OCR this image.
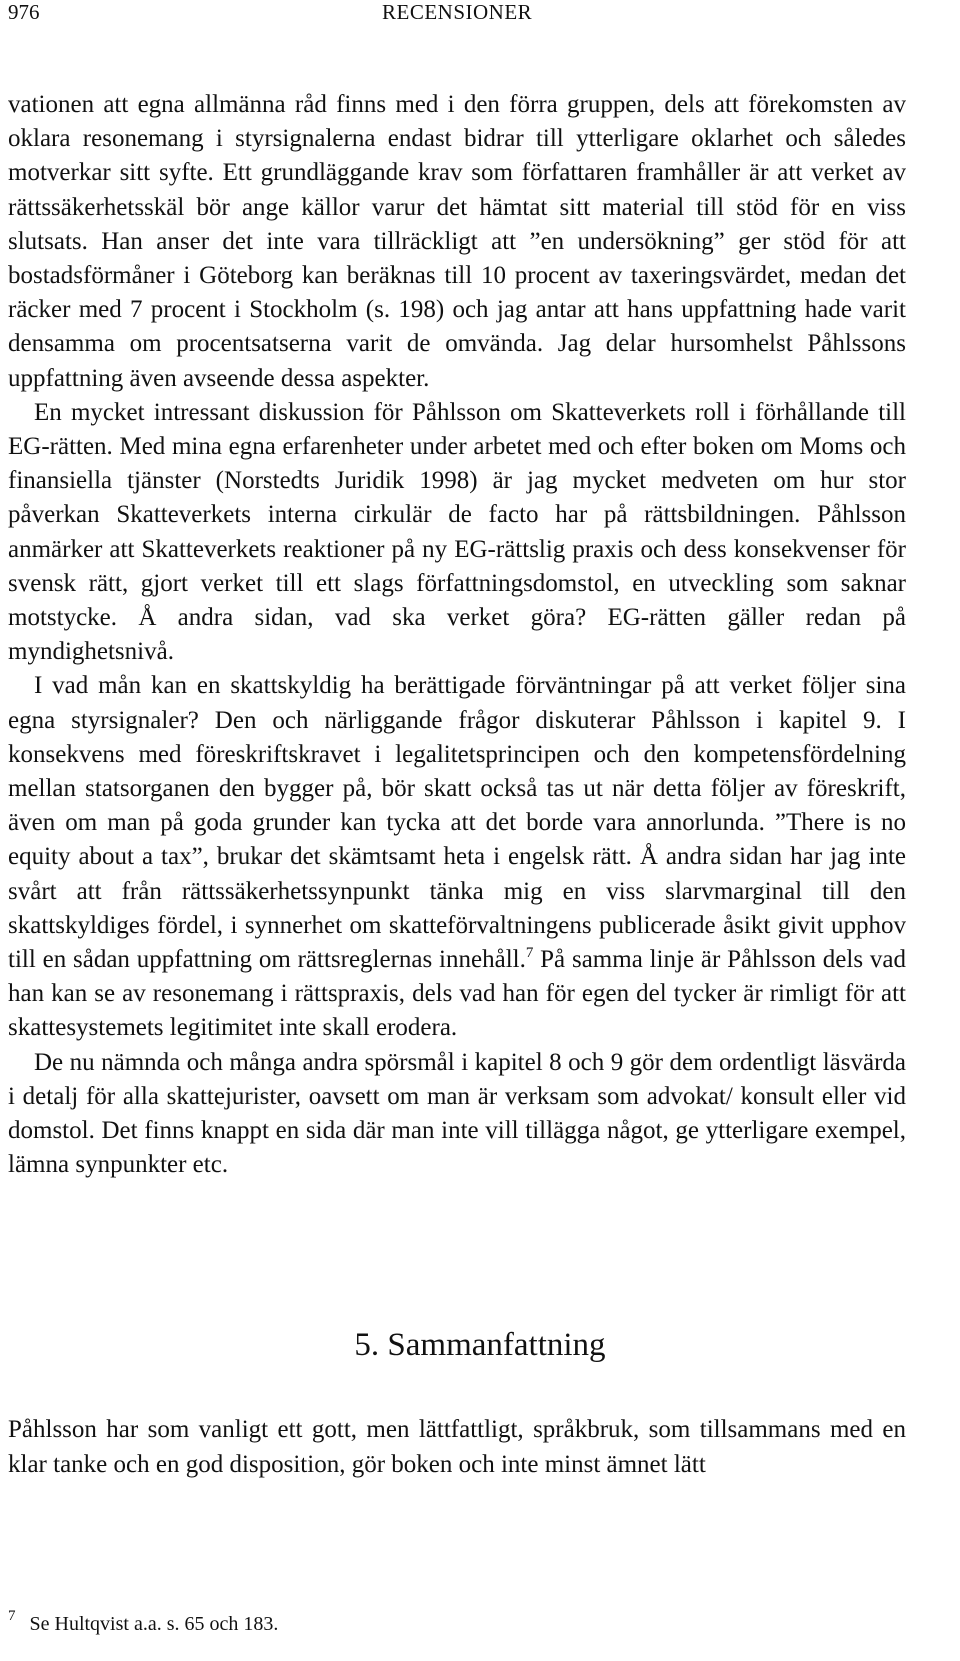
976	RECENSIONER

vationen att egna allmänna råd finns med i den förra gruppen, dels att förekomsten av oklara resonemang i styrsignalerna endast bidrar till ytterligare oklarhet och således motverkar sitt syfte. Ett grundläggande krav som författaren framhåller är att verket av rättssäkerhetsskäl bör ange källor varur det hämtat sitt material till stöd för en viss slutsats. Han anser det inte vara tillräckligt att ”en undersökning” ger stöd för att bostadsförmåner i Göteborg kan beräknas till 10 procent av taxeringsvärdet, medan det räcker med 7 procent i Stockholm (s. 198) och jag antar att hans uppfattning hade varit densamma om procentsatserna varit de omvända. Jag delar hursomhelst Påhlssons uppfattning även avseende dessa aspekter.

En mycket intressant diskussion för Påhlsson om Skatteverkets roll i förhållande till EG-rätten. Med mina egna erfarenheter under arbetet med och efter boken om Moms och finansiella tjänster (Norstedts Juridik 1998) är jag mycket medveten om hur stor påverkan Skatteverkets interna cirkulär de facto har på rättsbildningen. Påhlsson anmärker att Skatteverkets reaktioner på ny EG-rättslig praxis och dess konsekvenser för svensk rätt, gjort verket till ett slags författningsdomstol, en utveckling som saknar motstycke. Å andra sidan, vad ska verket göra? EG-rätten gäller redan på myndighetsnivå.

I vad mån kan en skattskyldig ha berättigade förväntningar på att verket följer sina egna styrsignaler? Den och närliggande frågor diskuterar Påhlsson i kapitel 9. I konsekvens med föreskriftskravet i legalitetsprincipen och den kompetensfördelning mellan statsorganen den bygger på, bör skatt också tas ut när detta följer av föreskrift, även om man på goda grunder kan tycka att det borde vara annorlunda. ”There is no equity about a tax”, brukar det skämtsamt heta i engelsk rätt. Å andra sidan har jag inte svårt att från rättssäkerhetssynpunkt tänka mig en viss slarvmarginal till den skattskyldiges fördel, i synnerhet om skatteförvaltningens publicerade åsikt givit upphov till en sådan uppfattning om rättsreglernas innehåll.$^7$ På samma linje är Påhlsson dels vad han kan se av resonemang i rättspraxis, dels vad han för egen del tycker är rimligt för att skattesystemets legitimitet inte skall erodera.

De nu nämnda och många andra spörsmål i kapitel 8 och 9 gör dem ordentligt läsvärda i detalj för alla skattejurister, oavsett om man är verksam som advokat/ konsult eller vid domstol. Det finns knappt en sida där man inte vill tillägga något, ge ytterligare exempel, lämna synpunkter etc.

5. Sammanfattning

Påhlsson har som vanligt ett gott, men lättfattligt, språkbruk, som tillsammans med en klar tanke och en god disposition, gör boken och inte minst ämnet lätt

$^7$ Se Hultqvist a.a. s. 65 och 183.
